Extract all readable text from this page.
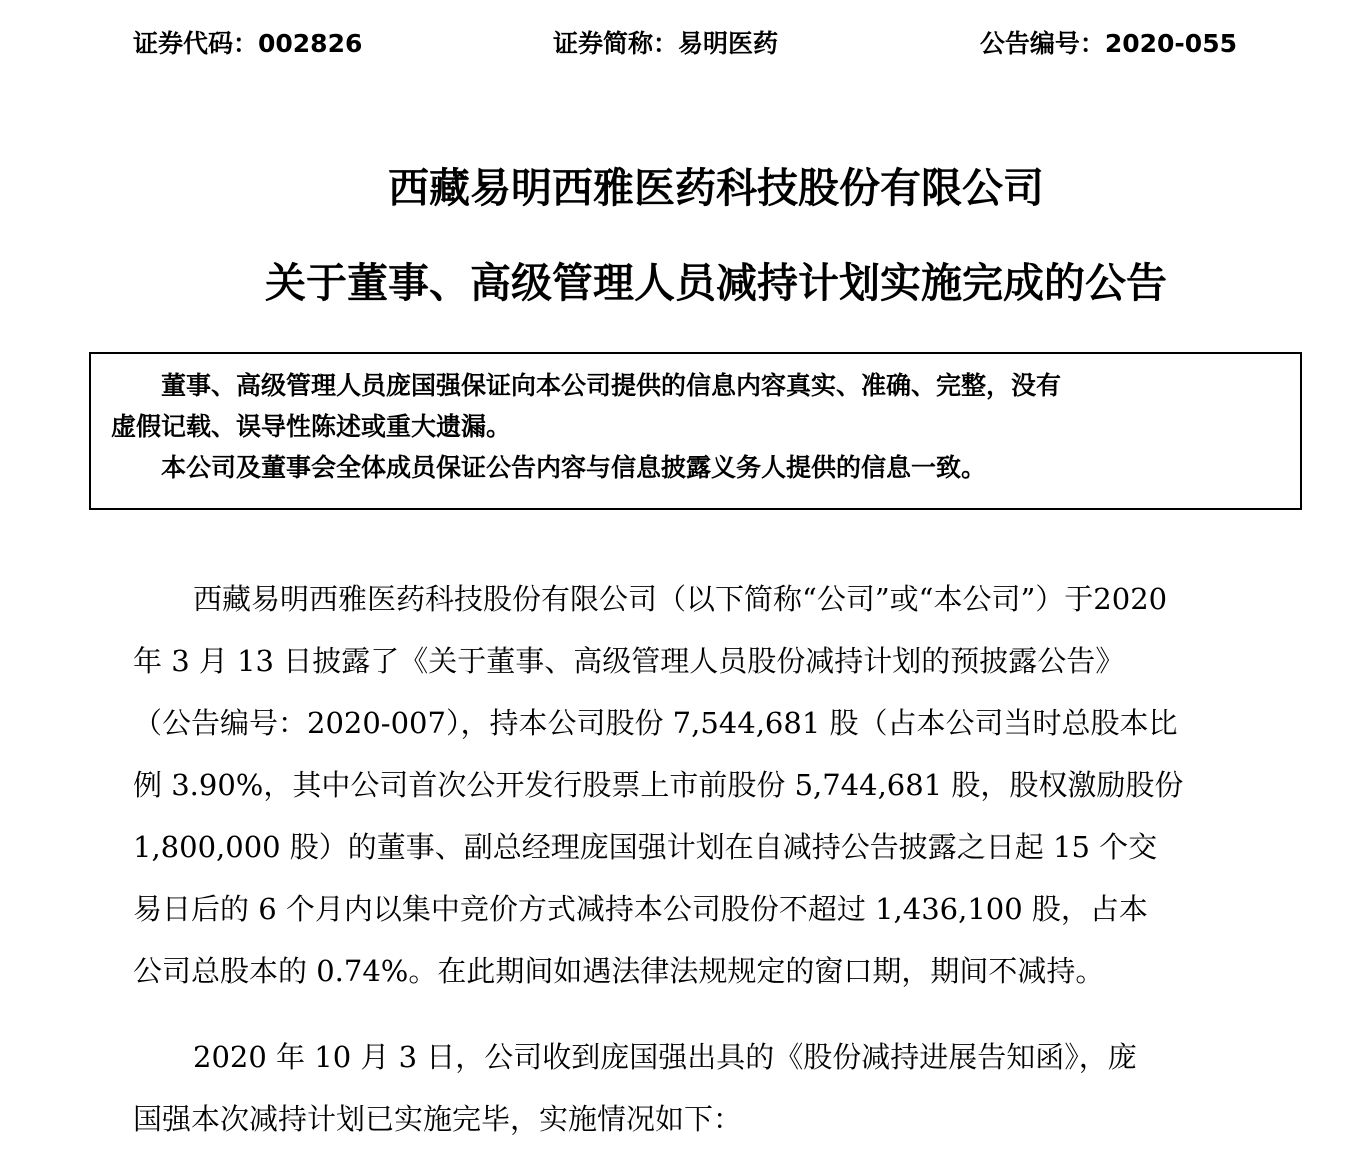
证券代码：002826	证券简称：易明医药	公告编号：2020-055
西藏易明西雅医药科技股份有限公司
关于董事、高级管理人员减持计划实施完成的公告
董事、高级管理人员庞国强保证向本公司提供的信息内容真实、准确、完整，没有
虚假记载、误导性陈述或重大遗漏。
本公司及董事会全体成员保证公告内容与信息披露义务人提供的信息一致。
西藏易明西雅医药科技股份有限公司（以下简称“公司”或“本公司”）于2020
年 3 月 13 日披露了《关于董事、高级管理人员股份减持计划的预披露公告》
（公告编号：2020-007），持本公司股份 7,544,681 股（占本公司当时总股本比
例 3.90%，其中公司首次公开发行股票上市前股份 5,744,681 股，股权激励股份
1,800,000 股）的董事、副总经理庞国强计划在自减持公告披露之日起 15 个交
易日后的 6 个月内以集中竞价方式减持本公司股份不超过 1,436,100 股，占本
公司总股本的 0.74%。在此期间如遇法律法规规定的窗口期，期间不减持。
2020 年 10 月 3 日，公司收到庞国强出具的《股份减持进展告知函》，庞
国强本次减持计划已实施完毕，实施情况如下：
